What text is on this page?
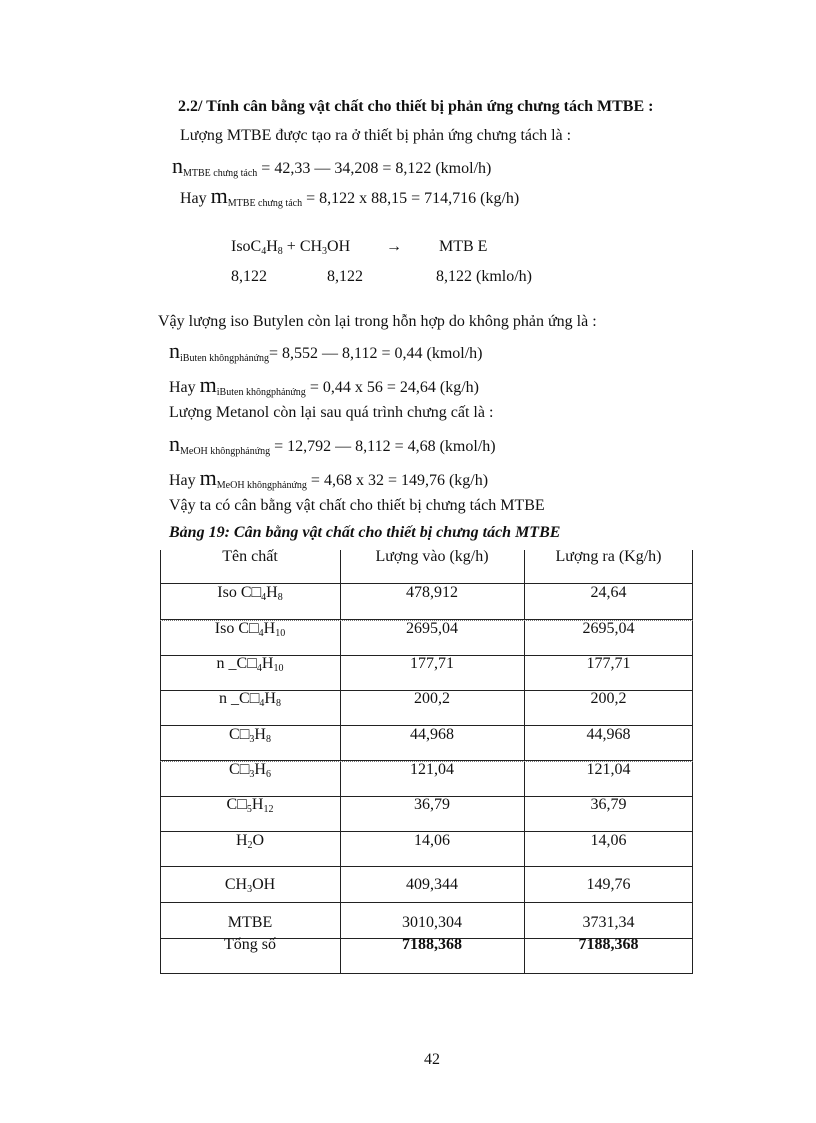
2.2/ Tính cân bằng vật chất cho thiết bị phản ứng chưng tách MTBE :
Lượng MTBE được tạo ra ở thiết bị phản ứng chưng tách là :
$n_{MTBE chưng tách} = 42,33$ — 34,208 = 8,122 (kmol/h)
Hay $m_{MTBE chưng tách} = 8,122$ x 88,15 = 714,716 (kg/h)
$IsoC_4H_8 + CH_3OH$ → MTB E
8,122	8,122	8,122 (kmlo/h)
Vậy lượng iso Butylen còn lại trong hỗn hợp do không phản ứng là :
$n_{iButen khôngphảnứng}= 8,552$ — 8,112 = 0,44 (kmol/h)
Hay $m_{iButen khôngphảnứng} = 0,44$ x 56 = 24,64 (kg/h)
Lượng Metanol còn lại sau quá trình chưng cất là :
$n_{MeOH khôngphảnứng} = 12,792$ — 8,112 = 4,68 (kmol/h)
Hay $m_{MeOH khôngphảnứng} = 4,68$ x 32 = 149,76 (kg/h)
Vậy ta có cân bằng vật chất cho thiết bị chưng tách MTBE
Bảng 19: Cân bằng vật chất cho thiết bị chưng tách MTBE
Tên chất	Lượng vào (kg/h)	Lượng ra (Kg/h)
Iso $C□_4H_8$	478,912	24,64
Iso $C□_4H_{10}$	2695,04	2695,04
n $\_C□_4H_{10}$	177,71	177,71
n $\_C□_4H_8$	200,2	200,2
$C□_3H_8$	44,968	44,968
$C□_3H_6$	121,04	121,04
$C□_5H_{12}$	36,79	36,79
$H_2O$	14,06	14,06
$CH_3OH$	409,344	149,76
MTBE	3010,304	3731,34
Tổng số	7188,368	7188,368
42
